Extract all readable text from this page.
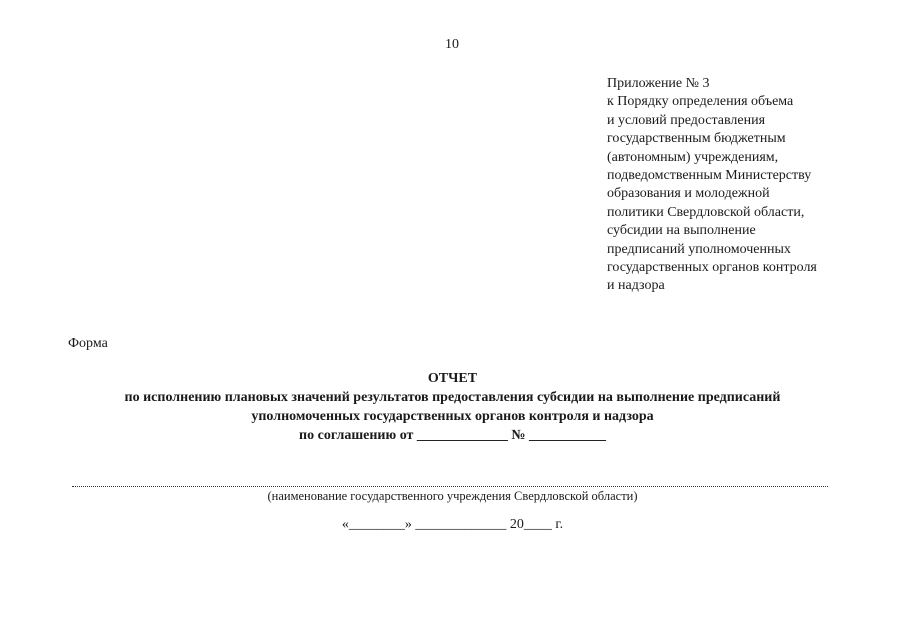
10
Приложение № 3
к Порядку определения объема
и условий предоставления
государственным бюджетным
(автономным) учреждениям,
подведомственным Министерству
образования и молодежной
политики Свердловской области,
субсидии на выполнение
предписаний уполномоченных
государственных органов контроля
и надзора
Форма
ОТЧЕТ
по исполнению плановых значений результатов предоставления субсидии на выполнение предписаний
уполномоченных государственных органов контроля и надзора
по соглашению от _____________ № ___________
(наименование государственного учреждения Свердловской области)
«________» _____________ 20____ г.
